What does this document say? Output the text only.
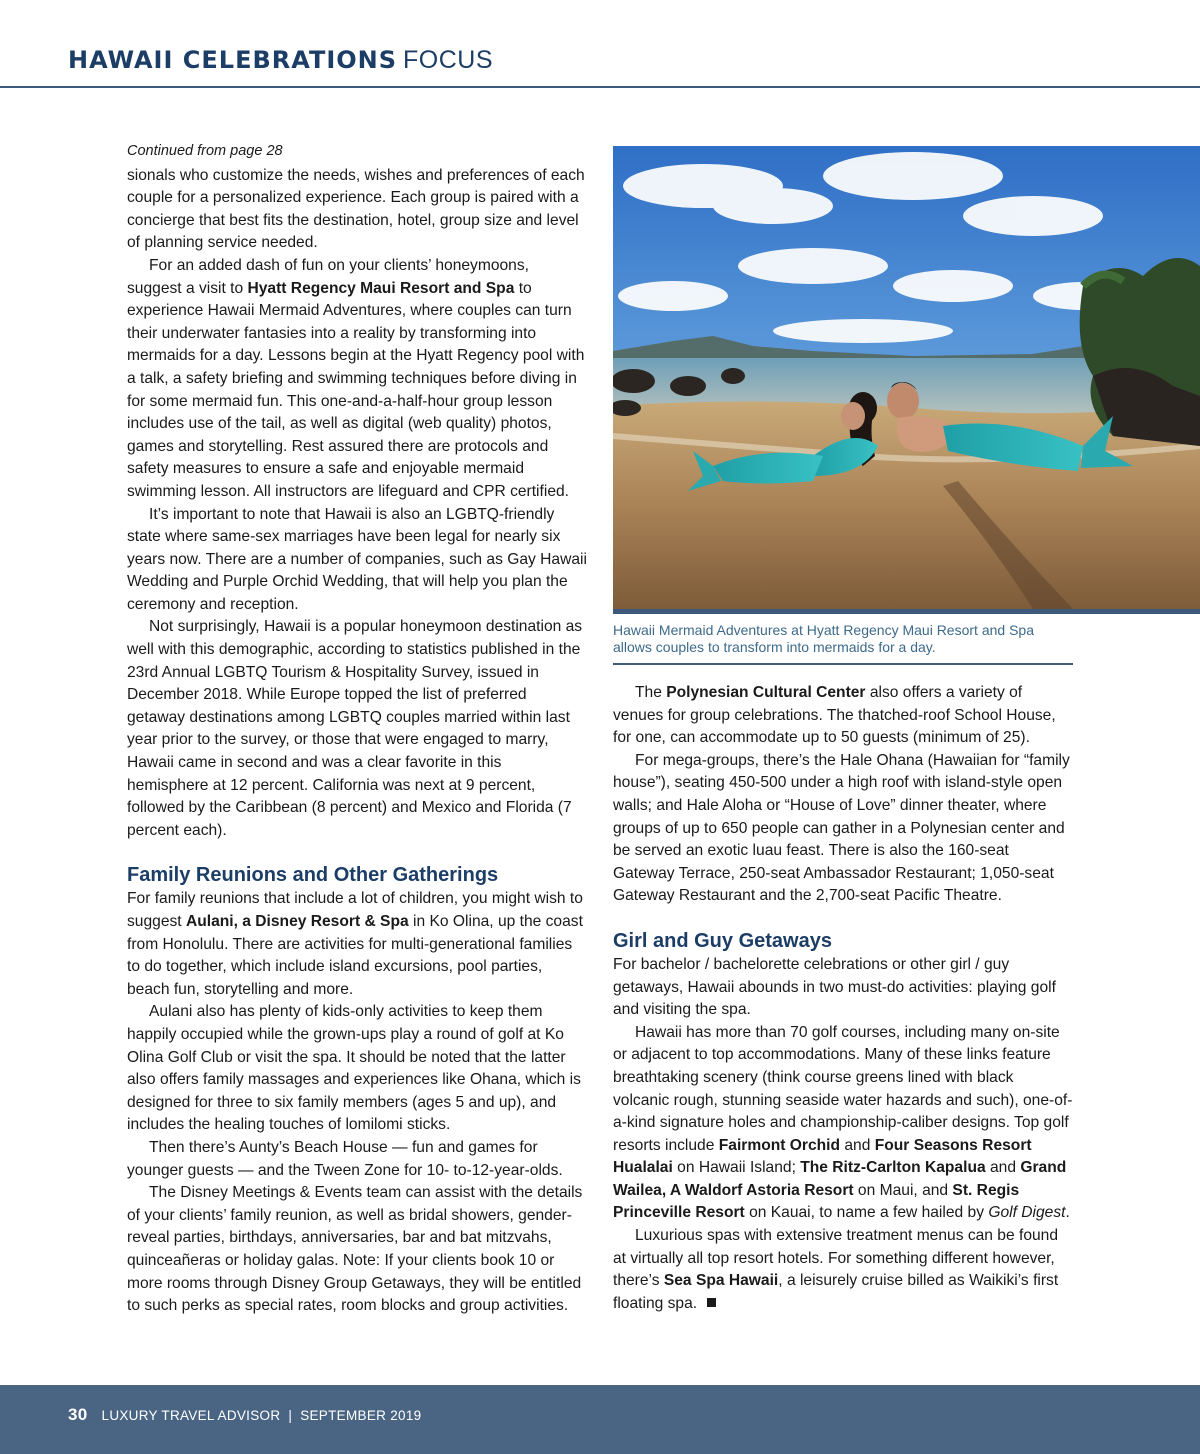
HAWAII CELEBRATIONS FOCUS

Continued from page 28

sionals who customize the needs, wishes and preferences of each couple for a personalized experience. Each group is paired with a concierge that best fits the destination, hotel, group size and level of planning service needed.

For an added dash of fun on your clients’ honeymoons, suggest a visit to Hyatt Regency Maui Resort and Spa to experience Hawaii Mermaid Adventures, where couples can turn their underwater fantasies into a reality by transforming into mermaids for a day. Lessons begin at the Hyatt Regency pool with a talk, a safety briefing and swimming techniques before diving in for some mermaid fun. This one-and-a-half-hour group lesson includes use of the tail, as well as digital (web quality) photos, games and storytelling. Rest assured there are protocols and safety measures to ensure a safe and enjoyable mermaid swimming lesson. All instructors are lifeguard and CPR certified.

It’s important to note that Hawaii is also an LGBTQ-friendly state where same-sex marriages have been legal for nearly six years now. There are a number of companies, such as Gay Hawaii Wedding and Purple Orchid Wedding, that will help you plan the ceremony and reception.

Not surprisingly, Hawaii is a popular honeymoon destination as well with this demographic, according to statistics published in the 23rd Annual LGBTQ Tourism & Hospitality Survey, issued in December 2018. While Europe topped the list of preferred getaway destinations among LGBTQ couples married within last year prior to the survey, or those that were engaged to marry, Hawaii came in second and was a clear favorite in this hemisphere at 12 percent. California was next at 9 percent, followed by the Caribbean (8 percent) and Mexico and Florida (7 percent each).

Family Reunions and Other Gatherings

For family reunions that include a lot of children, you might wish to suggest Aulani, a Disney Resort & Spa in Ko Olina, up the coast from Honolulu. There are activities for multi-generational families to do together, which include island excursions, pool parties, beach fun, storytelling and more.

Aulani also has plenty of kids-only activities to keep them happily occupied while the grown-ups play a round of golf at Ko Olina Golf Club or visit the spa. It should be noted that the latter also offers family massages and experiences like Ohana, which is designed for three to six family members (ages 5 and up), and includes the healing touches of lomilomi sticks.

Then there’s Aunty’s Beach House — fun and games for younger guests — and the Tween Zone for 10- to-12-year-olds.

The Disney Meetings & Events team can assist with the details of your clients’ family reunion, as well as bridal showers, gender-reveal parties, birthdays, anniversaries, bar and bat mitzvahs, quinceañeras or holiday galas. Note: If your clients book 10 or more rooms through Disney Group Getaways, they will be entitled to such perks as special rates, room blocks and group activities.

Hawaii Mermaid Adventures at Hyatt Regency Maui Resort and Spa allows couples to transform into mermaids for a day.

The Polynesian Cultural Center also offers a variety of venues for group celebrations. The thatched-roof School House, for one, can accommodate up to 50 guests (minimum of 25).

For mega-groups, there’s the Hale Ohana (Hawaiian for “family house”), seating 450-500 under a high roof with island-style open walls; and Hale Aloha or “House of Love” dinner theater, where groups of up to 650 people can gather in a Polynesian center and be served an exotic luau feast. There is also the 160-seat Gateway Terrace, 250-seat Ambassador Restaurant; 1,050-seat Gateway Restaurant and the 2,700-seat Pacific Theatre.

Girl and Guy Getaways

For bachelor / bachelorette celebrations or other girl / guy getaways, Hawaii abounds in two must-do activities: playing golf and visiting the spa.

Hawaii has more than 70 golf courses, including many on-site or adjacent to top accommodations. Many of these links feature breathtaking scenery (think course greens lined with black volcanic rough, stunning seaside water hazards and such), one-of-a-kind signature holes and championship-caliber designs. Top golf resorts include Fairmont Orchid and Four Seasons Resort Hualalai on Hawaii Island; The Ritz-Carlton Kapalua and Grand Wailea, A Waldorf Astoria Resort on Maui, and St. Regis Princeville Resort on Kauai, to name a few hailed by Golf Digest.

Luxurious spas with extensive treatment menus can be found at virtually all top resort hotels. For something different however, there’s Sea Spa Hawaii, a leisurely cruise billed as Waikiki’s first floating spa.

30 LUXURY TRAVEL ADVISOR | SEPTEMBER 2019
